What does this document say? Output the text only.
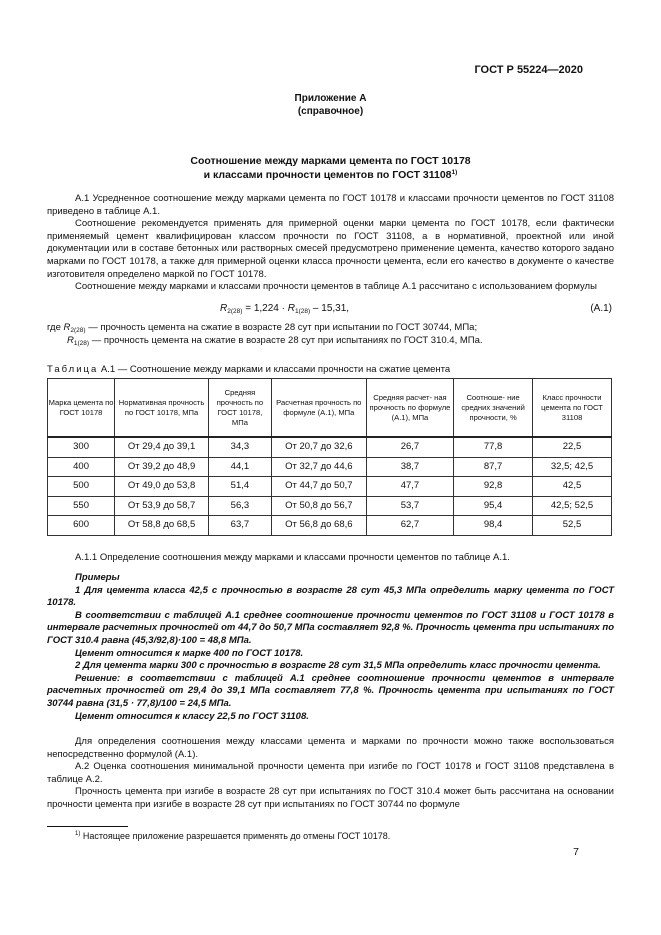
ГОСТ Р 55224—2020
Приложение А
(справочное)
Соотношение между марками цемента по ГОСТ 10178
и классами прочности цементов по ГОСТ 31108$^{1)}$

А.1 Усредненное соотношение между марками цемента по ГОСТ 10178 и классами прочности цементов по ГОСТ 31108 приведено в таблице А.1.

Соотношение рекомендуется применять для примерной оценки марки цемента по ГОСТ 10178, если фактически применяемый цемент квалифицирован классом прочности по ГОСТ 31108, а в нормативной, проектной или иной документации или в составе бетонных или растворных смесей предусмотрено применение цемента, качество которого задано марками по ГОСТ 10178, а также для примерной оценки класса прочности цемента, если его качество в документе о качестве изготовителя определено маркой по ГОСТ 10178.

Соотношение между марками и классами прочности цементов в таблице А.1 рассчитано с использованием формулы

$R_{2(28)} = 1,224 \cdot R_{1(28)} - 15,31$,	(А.1)
где $R_{2(28)}$ — прочность цемента на сжатие в возрасте 28 сут при испытании по ГОСТ 30744, МПа;
$R_{1(28)}$ — прочность цемента на сжатие в возрасте 28 сут при испытаниях по ГОСТ 310.4, МПа.
Таблица А.1 — Соотношение между марками и классами прочности на сжатие цемента
Марка цемента по ГОСТ 10178	Нормативная прочность по ГОСТ 10178, МПа	Средняя прочность по ГОСТ 10178, МПа	Расчетная прочность по формуле (А.1), МПа	Средняя расчет- ная прочность по формуле (А.1), МПа	Соотноше- ние средних значений прочности, %	Класс прочности цемента по ГОСТ 31108
300	От 29,4 до 39,1	34,3	От 20,7 до 32,6	26,7	77,8	22,5
400	От 39,2 до 48,9	44,1	От 32,7 до 44,6	38,7	87,7	32,5; 42,5
500	От 49,0 до 53,8	51,4	От 44,7 до 50,7	47,7	92,8	42,5
550	От 53,9 до 58,7	56,3	От 50,8 до 56,7	53,7	95,4	42,5; 52,5
600	От 58,8 до 68,5	63,7	От 56,8 до 68,6	62,7	98,4	52,5

А.1.1 Определение соотношения между марками и классами прочности цементов по таблице А.1.

Примеры

1 Для цемента класса 42,5 с прочностью в возрасте 28 сут 45,3 МПа определить марку цемента по ГОСТ 10178.

В соответствии с таблицей А.1 среднее соотношение прочности цементов по ГОСТ 31108 и ГОСТ 10178 в интервале расчетных прочностей от 44,7 до 50,7 МПа составляет 92,8 %. Прочность цемента при испытаниях по ГОСТ 310.4 равна (45,3/92,8)·100 = 48,8 МПа.

Цемент относится к марке 400 по ГОСТ 10178.

2 Для цемента марки 300 с прочностью в возрасте 28 сут 31,5 МПа определить класс прочности цемента.

Решение: в соответствии с таблицей А.1 среднее соотношение прочности цементов в интервале расчетных прочностей от 29,4 до 39,1 МПа составляет 77,8 %. Прочность цемента при испытаниях по ГОСТ 30744 равна (31,5 · 77,8)/100 = 24,5 МПа.

Цемент относится к классу 22,5 по ГОСТ 31108.

Для определения соотношения между классами цемента и марками по прочности можно также воспользоваться непосредственно формулой (А.1).

А.2 Оценка соотношения минимальной прочности цемента при изгибе по ГОСТ 10178 и ГОСТ 31108 представлена в таблице А.2.

Прочность цемента при изгибе в возрасте 28 сут при испытаниях по ГОСТ 310.4 может быть рассчитана на основании прочности цемента при изгибе в возрасте 28 сут при испытаниях по ГОСТ 30744 по формуле

$^{1)}$ Настоящее приложение разрешается применять до отмены ГОСТ 10178.
7
